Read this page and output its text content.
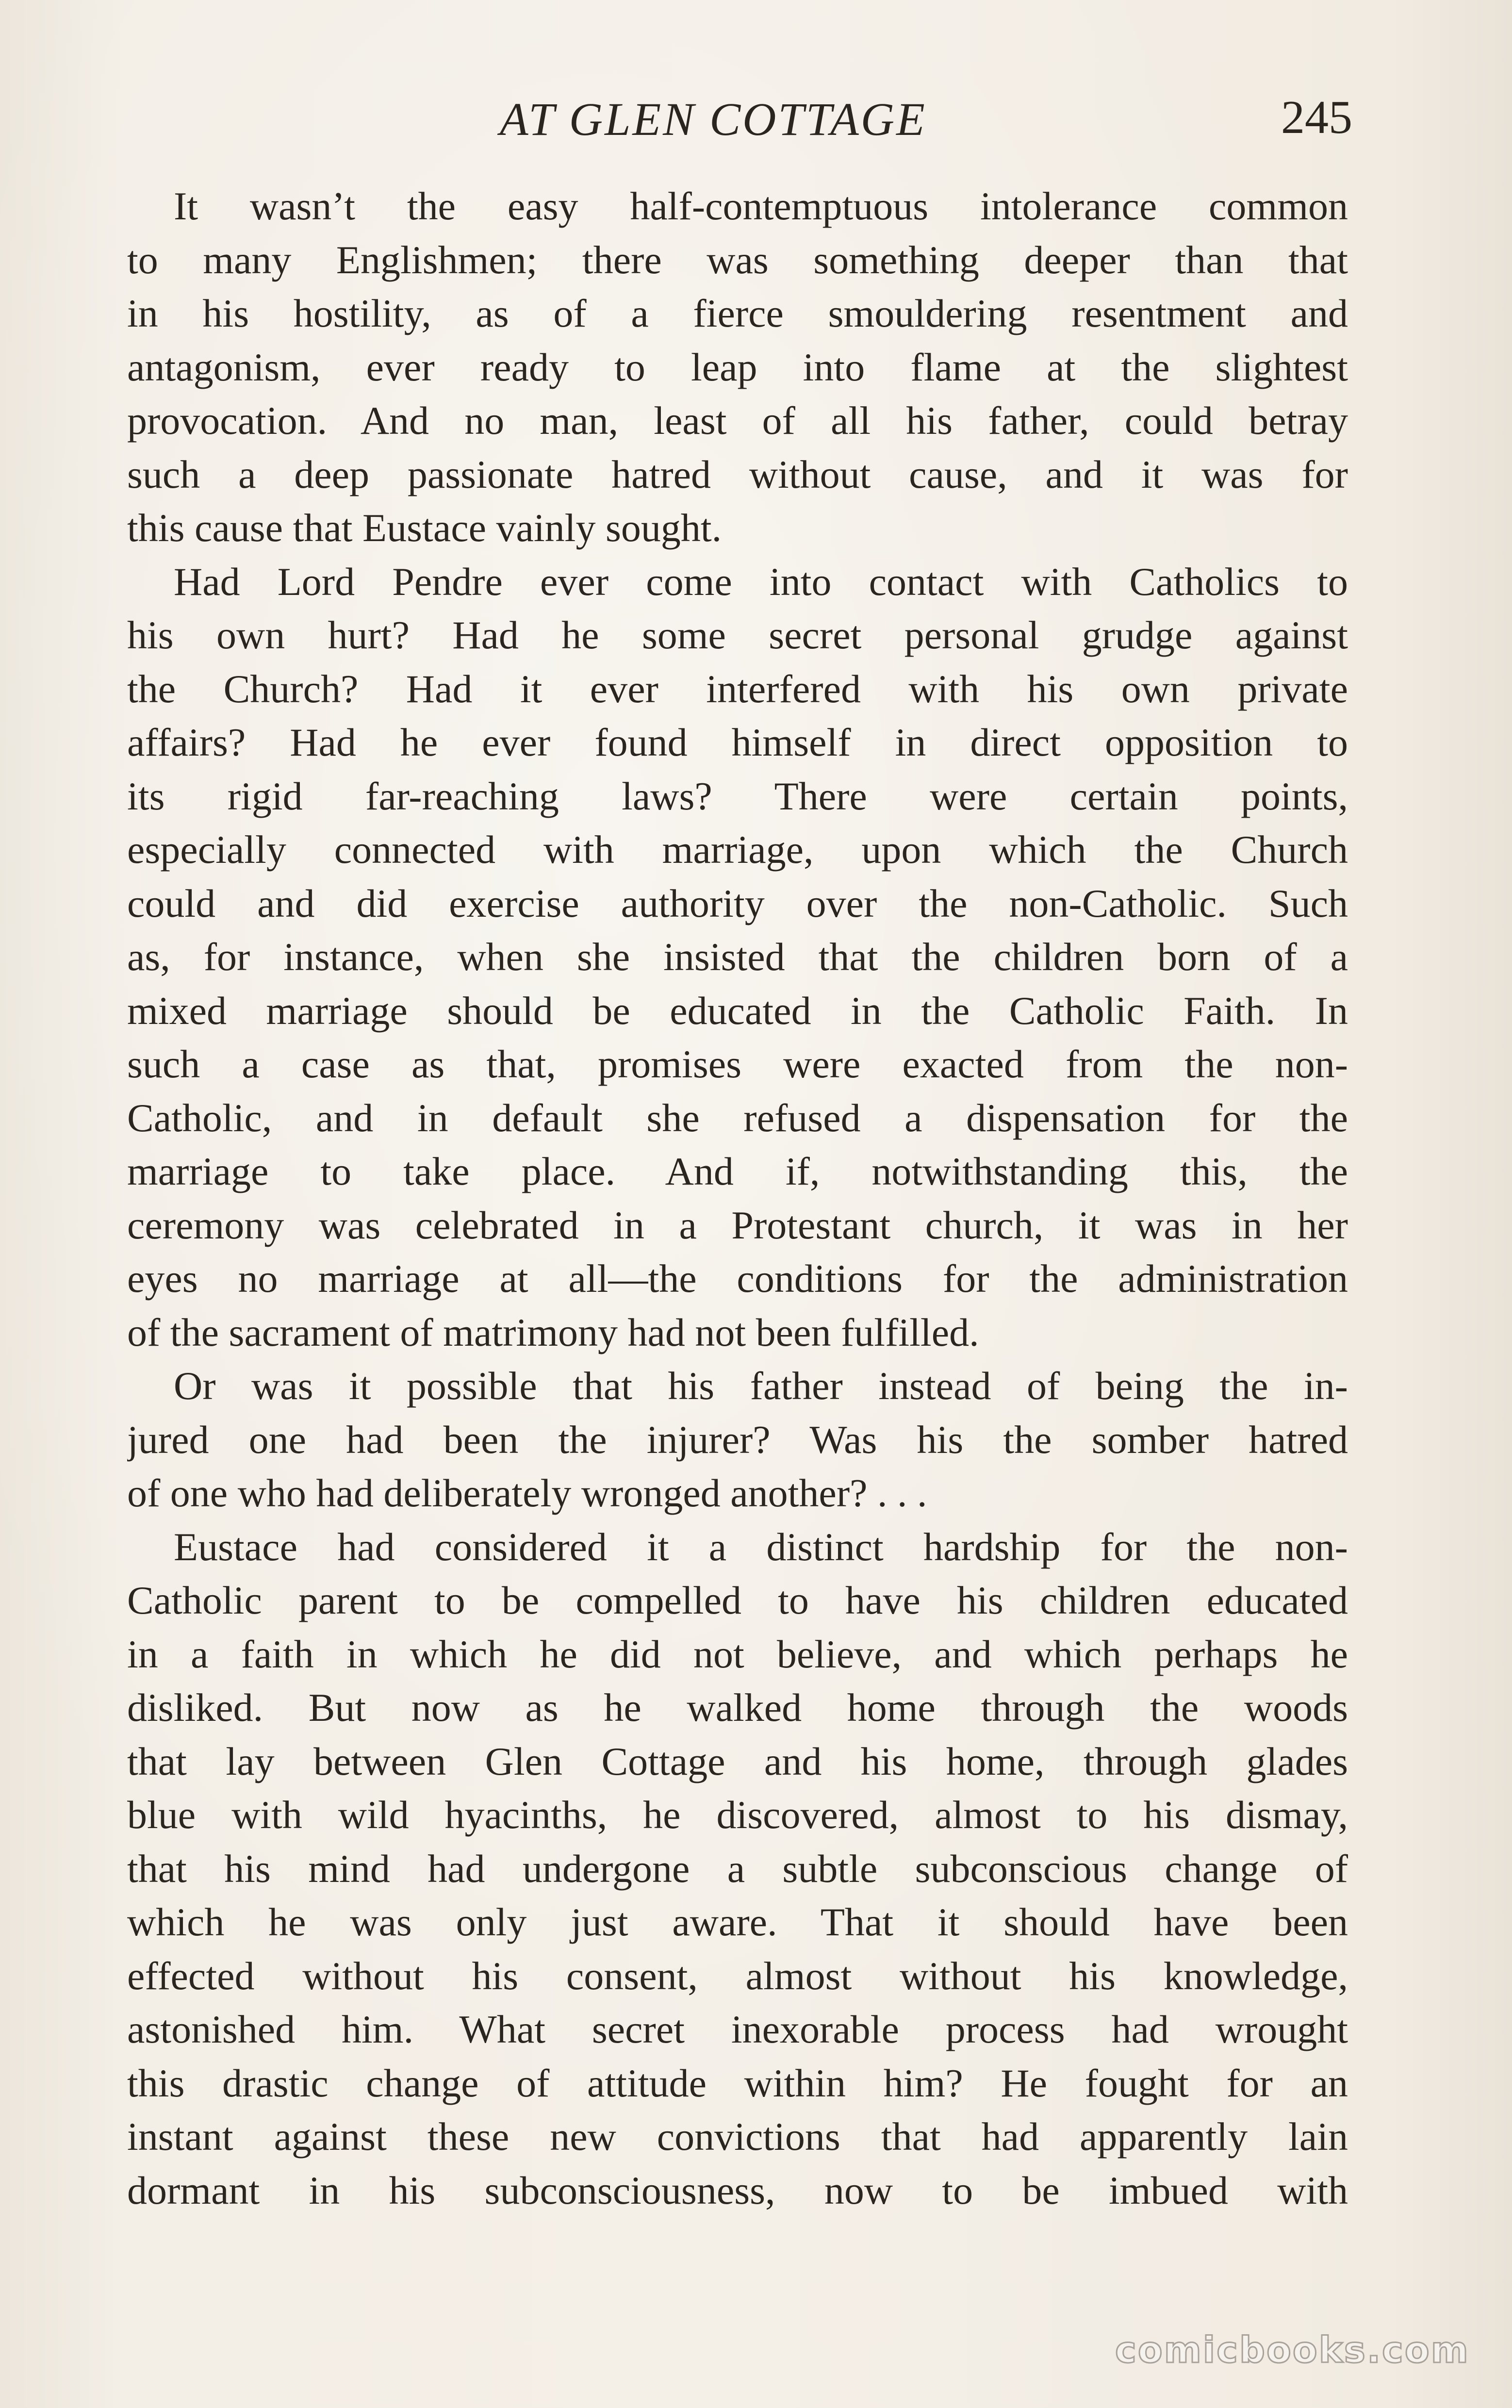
AT GLEN COTTAGE	245
It wasn’t the easy half-contemptuous intolerance common
to many Englishmen; there was something deeper than that
in his hostility, as of a fierce smouldering resentment and
antagonism, ever ready to leap into flame at the slightest
provocation. And no man, least of all his father, could betray
such a deep passionate hatred without cause, and it was for
this cause that Eustace vainly sought.
Had Lord Pendre ever come into contact with Catholics to
his own hurt? Had he some secret personal grudge against
the Church? Had it ever interfered with his own private
affairs? Had he ever found himself in direct opposition to
its rigid far-reaching laws? There were certain points,
especially connected with marriage, upon which the Church
could and did exercise authority over the non-Catholic. Such
as, for instance, when she insisted that the children born of a
mixed marriage should be educated in the Catholic Faith. In
such a case as that, promises were exacted from the non-
Catholic, and in default she refused a dispensation for the
marriage to take place. And if, notwithstanding this, the
ceremony was celebrated in a Protestant church, it was in her
eyes no marriage at all—the conditions for the administration
of the sacrament of matrimony had not been fulfilled.
Or was it possible that his father instead of being the in-
jured one had been the injurer? Was his the somber hatred
of one who had deliberately wronged another? . . .
Eustace had considered it a distinct hardship for the non-
Catholic parent to be compelled to have his children educated
in a faith in which he did not believe, and which perhaps he
disliked. But now as he walked home through the woods
that lay between Glen Cottage and his home, through glades
blue with wild hyacinths, he discovered, almost to his dismay,
that his mind had undergone a subtle subconscious change of
which he was only just aware. That it should have been
effected without his consent, almost without his knowledge,
astonished him. What secret inexorable process had wrought
this drastic change of attitude within him? He fought for an
instant against these new convictions that had apparently lain
dormant in his subconsciousness, now to be imbued with
comicbooks.com
